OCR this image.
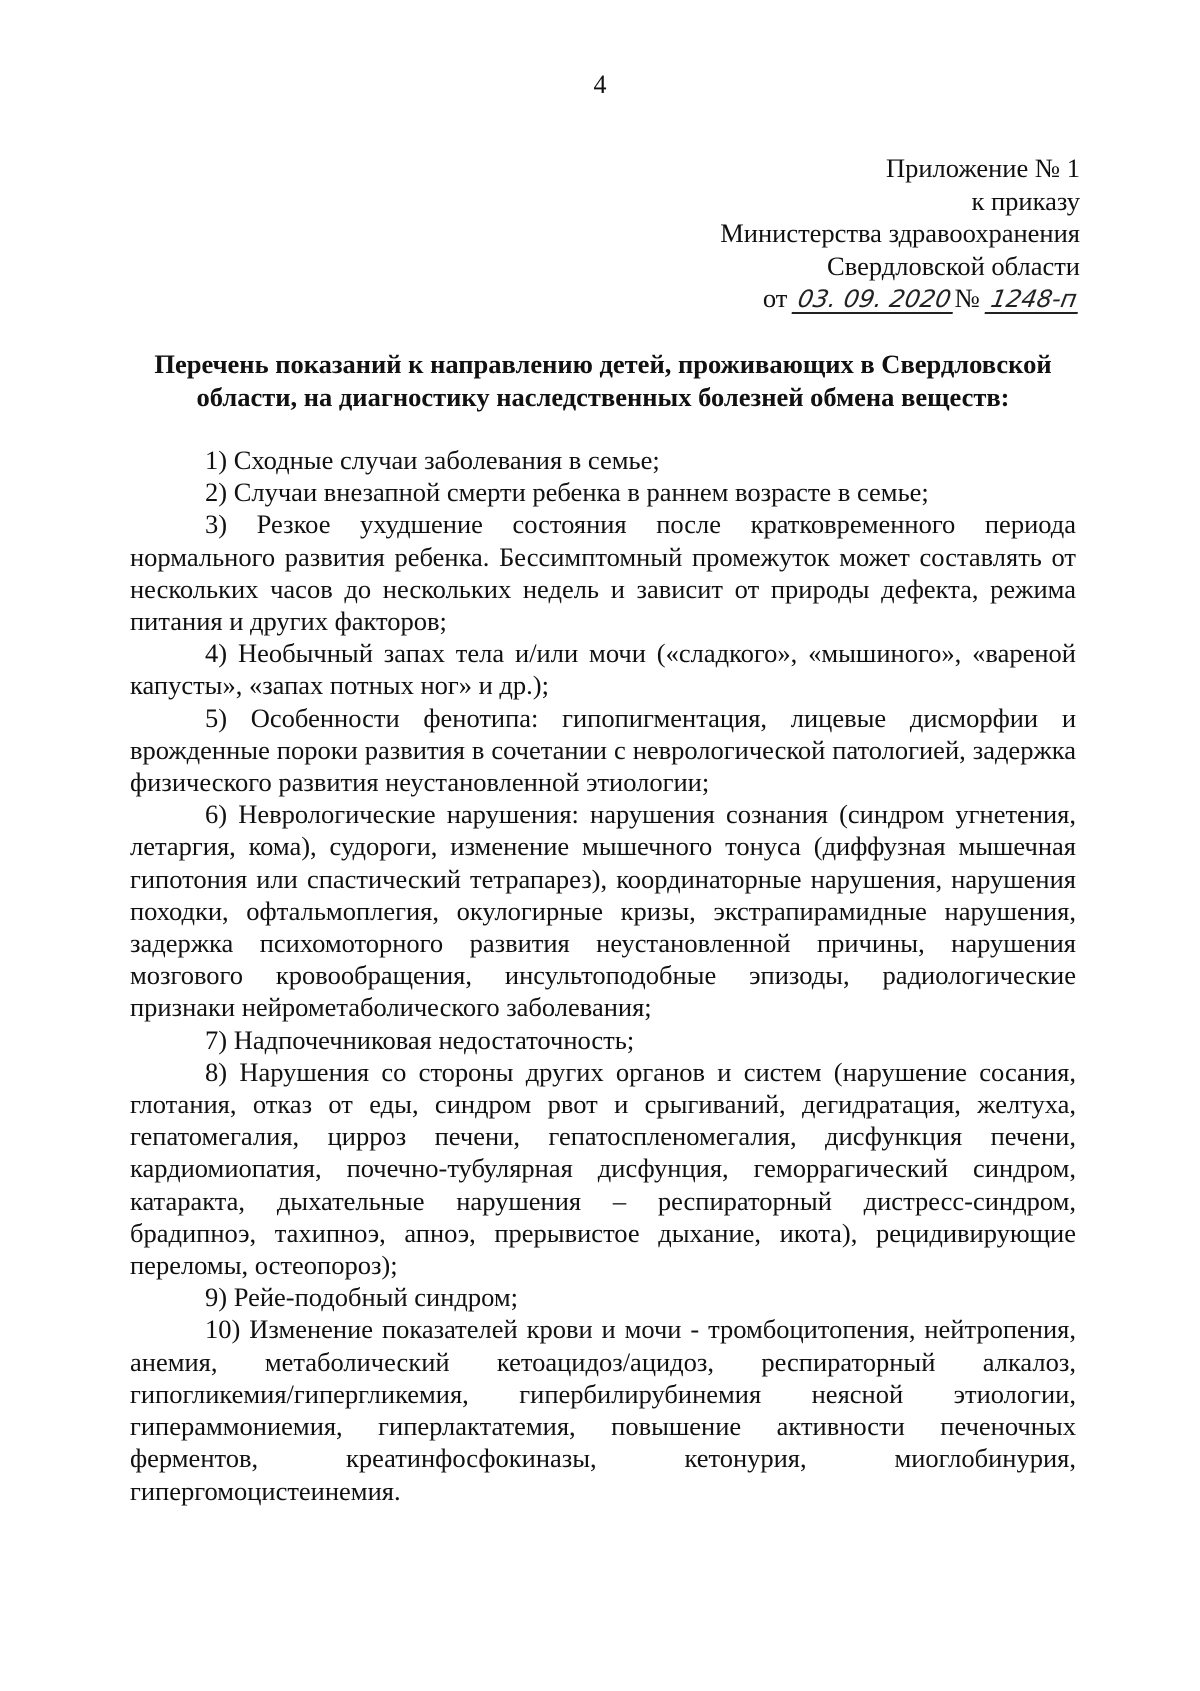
4
Приложение № 1
к приказу
Министерства здравоохранения
Свердловской области
от 03. 09. 2020№ 1248-п
Перечень показаний к направлению детей, проживающих в Свердловской области, на диагностику наследственных болезней обмена веществ:

1) Сходные случаи заболевания в семье;

2) Случаи внезапной смерти ребенка в раннем возрасте в семье;

3) Резкое ухудшение состояния после кратковременного периода нормального развития ребенка. Бессимптомный промежуток может составлять от нескольких часов до нескольких недель и зависит от природы дефекта, режима питания и других факторов;

4) Необычный запах тела и/или мочи («сладкого», «мышиного», «вареной капусты», «запах потных ног» и др.);

5) Особенности фенотипа: гипопигментация, лицевые дисморфии и врожденные пороки развития в сочетании с неврологической патологией, задержка физического развития неустановленной этиологии;

6) Неврологические нарушения: нарушения сознания (синдром угнетения, летаргия, кома), судороги, изменение мышечного тонуса (диффузная мышечная гипотония или спастический тетрапарез), координаторные нарушения, нарушения походки, офтальмоплегия, окулогирные кризы, экстрапирамидные нарушения, задержка психомоторного развития неустановленной причины, нарушения мозгового кровообращения, инсультоподобные эпизоды, радиологические признаки нейрометаболического заболевания;

7) Надпочечниковая недостаточность;

8) Нарушения со стороны других органов и систем (нарушение сосания, глотания, отказ от еды, синдром рвот и срыгиваний, дегидратация, желтуха, гепатомегалия, цирроз печени, гепатоспленомегалия, дисфункция печени, кардиомиопатия, почечно-тубулярная дисфунция, геморрагический синдром, катаракта, дыхательные нарушения – респираторный дистресс-синдром, брадипноэ, тахипноэ, апноэ, прерывистое дыхание, икота), рецидивирующие переломы, остеопороз);

9) Рейе-подобный синдром;

10) Изменение показателей крови и мочи - тромбоцитопения, нейтропения, анемия, метаболический кетоацидоз/ацидоз, респираторный алкалоз, гипогликемия/гипергликемия, гипербилирубинемия неясной этиологии, гипераммониемия, гиперлактатемия, повышение активности печеночных ферментов, креатинфосфокиназы, кетонурия, миоглобинурия, гипергомоцистеинемия.
